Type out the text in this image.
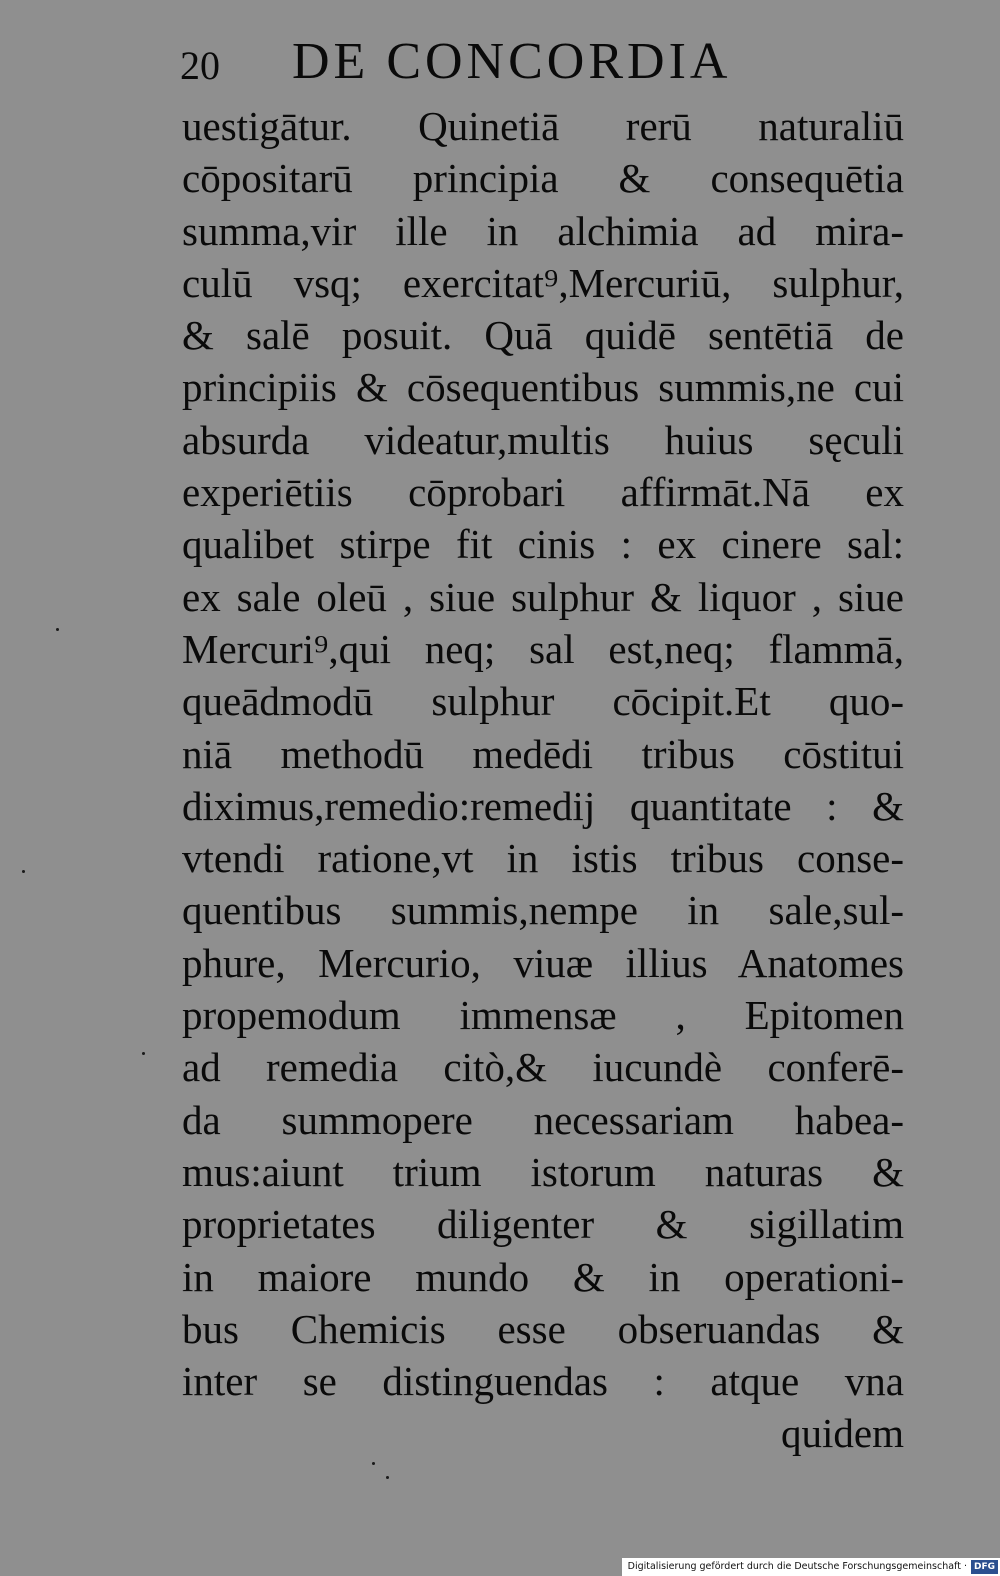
20 DE CONCORDIA
uestigātur. Quinetiā rerū naturaliū
cōpositarū principia & consequētia
summa,vir ille in alchimia ad mira-
culū vsq; exercitat⁹,Mercuriū, sulphur,
& salē posuit. Quā quidē sentētiā de
principiis & cōsequentibus summis,ne cui
absurda videatur,multis huius sęculi
experiētiis cōprobari affirmāt.Nā ex
qualibet stirpe fit cinis : ex cinere sal:
ex sale oleū , siue sulphur & liquor , siue
Mercuri⁹,qui neq; sal est,neq; flammā,
queādmodū sulphur cōcipit.Et quo-
niā methodū medēdi tribus cōstitui
diximus,remedio:remedij quantitate : &
vtendi ratione,vt in istis tribus conse-
quentibus summis,nempe in sale,sul-
phure, Mercurio, viuæ illius Anatomes
propemodum immensæ , Epitomen
ad remedia citò,& iucundè conferē-
da summopere necessariam habea-
mus:aiunt trium istorum naturas &
proprietates diligenter & sigillatim
in maiore mundo & in operationi-
bus Chemicis esse obseruandas &
inter se distinguendas : atque vna
quidem
Digitalisierung gefördert durch die Deutsche Forschungsgemeinschaft · DFG
